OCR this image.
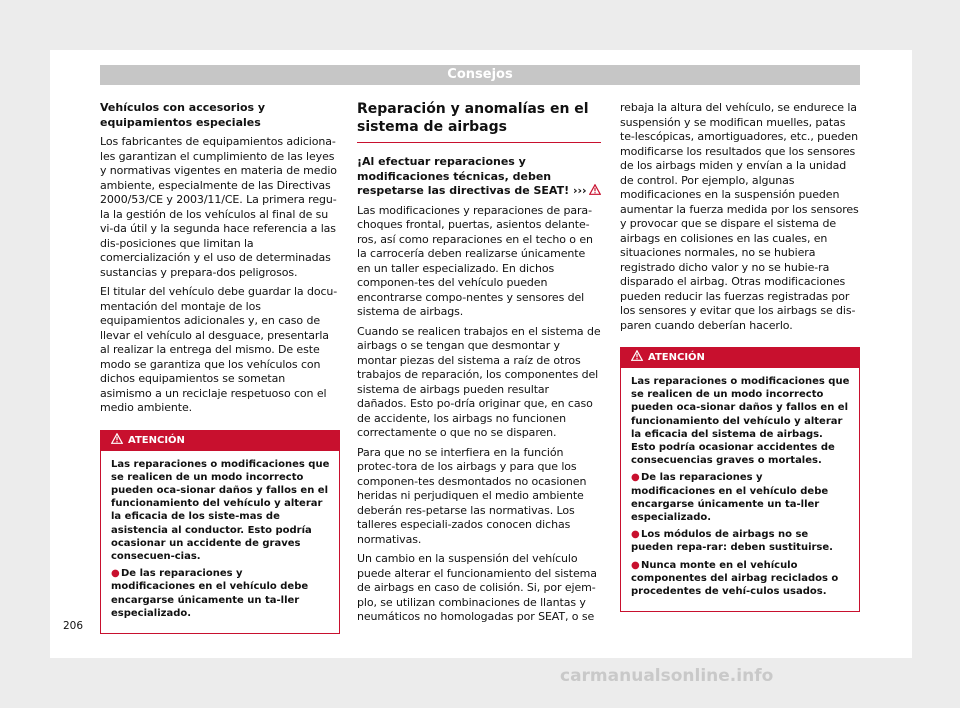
Consejos

Vehículos con accesorios y equipamientos especiales

Los fabricantes de equipamientos adiciona-les garantizan el cumplimiento de las leyes y normativas vigentes en materia de medio ambiente, especialmente de las Directivas 2000/53/CE y 2003/11/CE. La primera regu-la la gestión de los vehículos al final de su vi-da útil y la segunda hace referencia a las dis-posiciones que limitan la comercialización y el uso de determinadas sustancias y prepara-dos peligrosos.

El titular del vehículo debe guardar la docu-mentación del montaje de los equipamientos adicionales y, en caso de llevar el vehículo al desguace, presentarla al realizar la entrega del mismo. De este modo se garantiza que los vehículos con dichos equipamientos se sometan asimismo a un reciclaje respetuoso con el medio ambiente.

ATENCIÓN

Las reparaciones o modificaciones que se realicen de un modo incorrecto pueden oca-sionar daños y fallos en el funcionamiento del vehículo y alterar la eficacia de los siste-mas de asistencia al conductor. Esto podría ocasionar un accidente de graves consecuen-cias.

●De las reparaciones y modificaciones en el vehículo debe encargarse únicamente un ta-ller especializado.

Reparación y anomalías en el sistema de airbags

¡Al efectuar reparaciones y modificaciones técnicas, deben respetarse las directivas de SEAT! ›››

Las modificaciones y reparaciones de para-choques frontal, puertas, asientos delante-ros, así como reparaciones en el techo o en la carrocería deben realizarse únicamente en un taller especializado. En dichos componen-tes del vehículo pueden encontrarse compo-nentes y sensores del sistema de airbags.

Cuando se realicen trabajos en el sistema de airbags o se tengan que desmontar y montar piezas del sistema a raíz de otros trabajos de reparación, los componentes del sistema de airbags pueden resultar dañados. Esto po-dría originar que, en caso de accidente, los airbags no funcionen correctamente o que no se disparen.

Para que no se interfiera en la función protec-tora de los airbags y para que los componen-tes desmontados no ocasionen heridas ni perjudiquen el medio ambiente deberán res-petarse las normativas. Los talleres especiali-zados conocen dichas normativas.

Un cambio en la suspensión del vehículo puede alterar el funcionamiento del sistema de airbags en caso de colisión. Si, por ejem-plo, se utilizan combinaciones de llantas y neumáticos no homologadas por SEAT, o se

rebaja la altura del vehículo, se endurece la suspensión y se modifican muelles, patas te-lescópicas, amortiguadores, etc., pueden modificarse los resultados que los sensores de los airbags miden y envían a la unidad de control. Por ejemplo, algunas modificaciones en la suspensión pueden aumentar la fuerza medida por los sensores y provocar que se dispare el sistema de airbags en colisiones en las cuales, en situaciones normales, no se hubiera registrado dicho valor y no se hubie-ra disparado el airbag. Otras modificaciones pueden reducir las fuerzas registradas por los sensores y evitar que los airbags se dis-paren cuando deberían hacerlo.

ATENCIÓN

Las reparaciones o modificaciones que se realicen de un modo incorrecto pueden oca-sionar daños y fallos en el funcionamiento del vehículo y alterar la eficacia del sistema de airbags. Esto podría ocasionar accidentes de consecuencias graves o mortales.

●De las reparaciones y modificaciones en el vehículo debe encargarse únicamente un ta-ller especializado.

●Los módulos de airbags no se pueden repa-rar: deben sustituirse.

●Nunca monte en el vehículo componentes del airbag reciclados o procedentes de vehí-culos usados.

206
carmanualsonline.info
